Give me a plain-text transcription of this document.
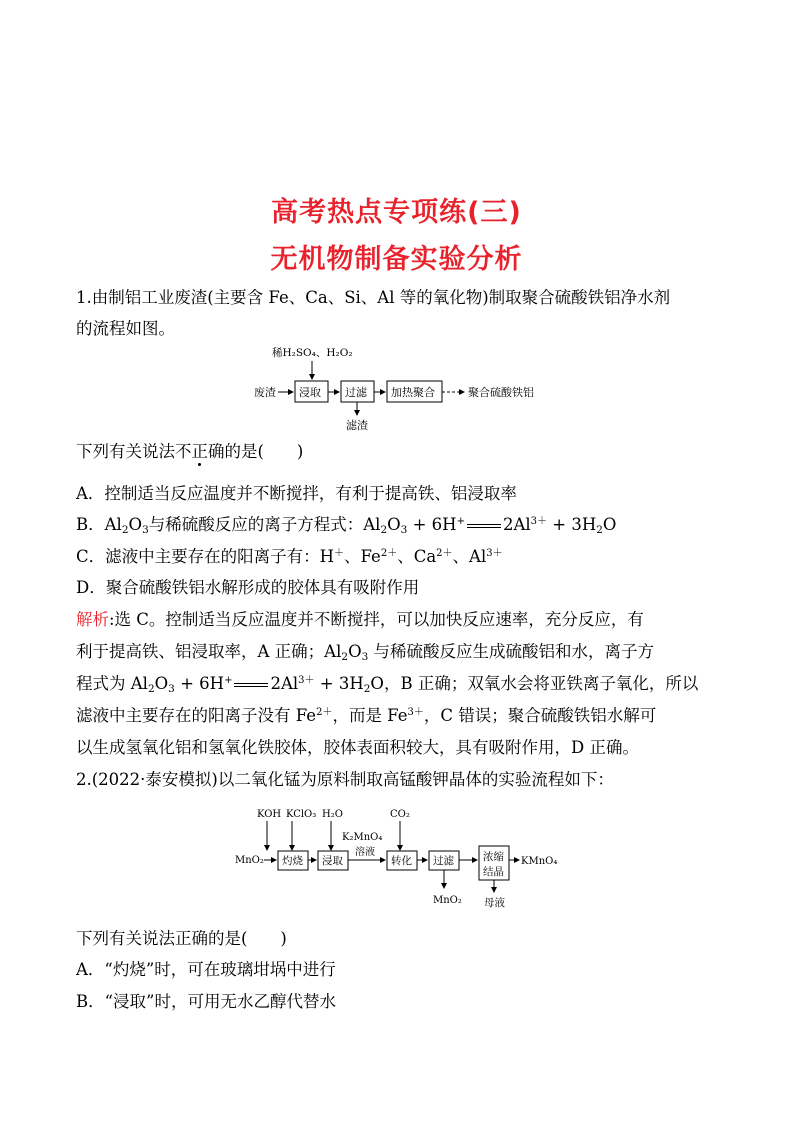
高考热点专项练(三)
无机物制备实验分析
1.由制铝工业废渣(主要含 Fe、Ca、Si、Al 等的氧化物)制取聚合硫酸铁铝净水剂
的流程如图。
稀H₂SO₄、H₂O₂
废渣 浸取 过滤
滤渣
加热聚合	聚合硫酸铁铝
下列有关说法不正确的是(　　)
A．控制适当反应温度并不断搅拌，有利于提高铁、铝浸取率
B．Al2O3与稀硫酸反应的离子方程式：Al2O3 + 6H+ $2Al^{3+} + 3H2O$
C．滤液中主要存在的阳离子有：H＋、$Fe^{2+}$、$Ca^{2+}$、$Al^{3+}$
D．聚合硫酸铁铝水解形成的胶体具有吸附作用
解析:选 C。控制适当反应温度并不断搅拌，可以加快反应速率，充分反应，有
利于提高铁、铝浸取率，A 正确；Al2O3 与稀硫酸反应生成硫酸铝和水，离子方
程式为 Al2O3 + 6H+ $2Al^{3+} + 3H2O$，B 正确；双氧水会将亚铁离子氧化，所以
滤液中主要存在的阳离子没有 $Fe^{2+}$，而是 $Fe^{3+}$，C 错误；聚合硫酸铁铝水解可
以生成氢氧化铝和氢氧化铁胶体，胶体表面积较大，具有吸附作用，D 正确。
2.(2022·泰安模拟)以二氧化锰为原料制取高锰酸钾晶体的实验流程如下：
KOH KClO₃ H₂O	CO₂
MnO₂ 灼烧 浸取
K₂MnO₄
溶液
转化 过滤
MnO₂
浓缩
结晶
母液
KMnO₄
下列有关说法正确的是(　　)
A．“灼烧”时，可在玻璃坩埚中进行
B．“浸取”时，可用无水乙醇代替水
